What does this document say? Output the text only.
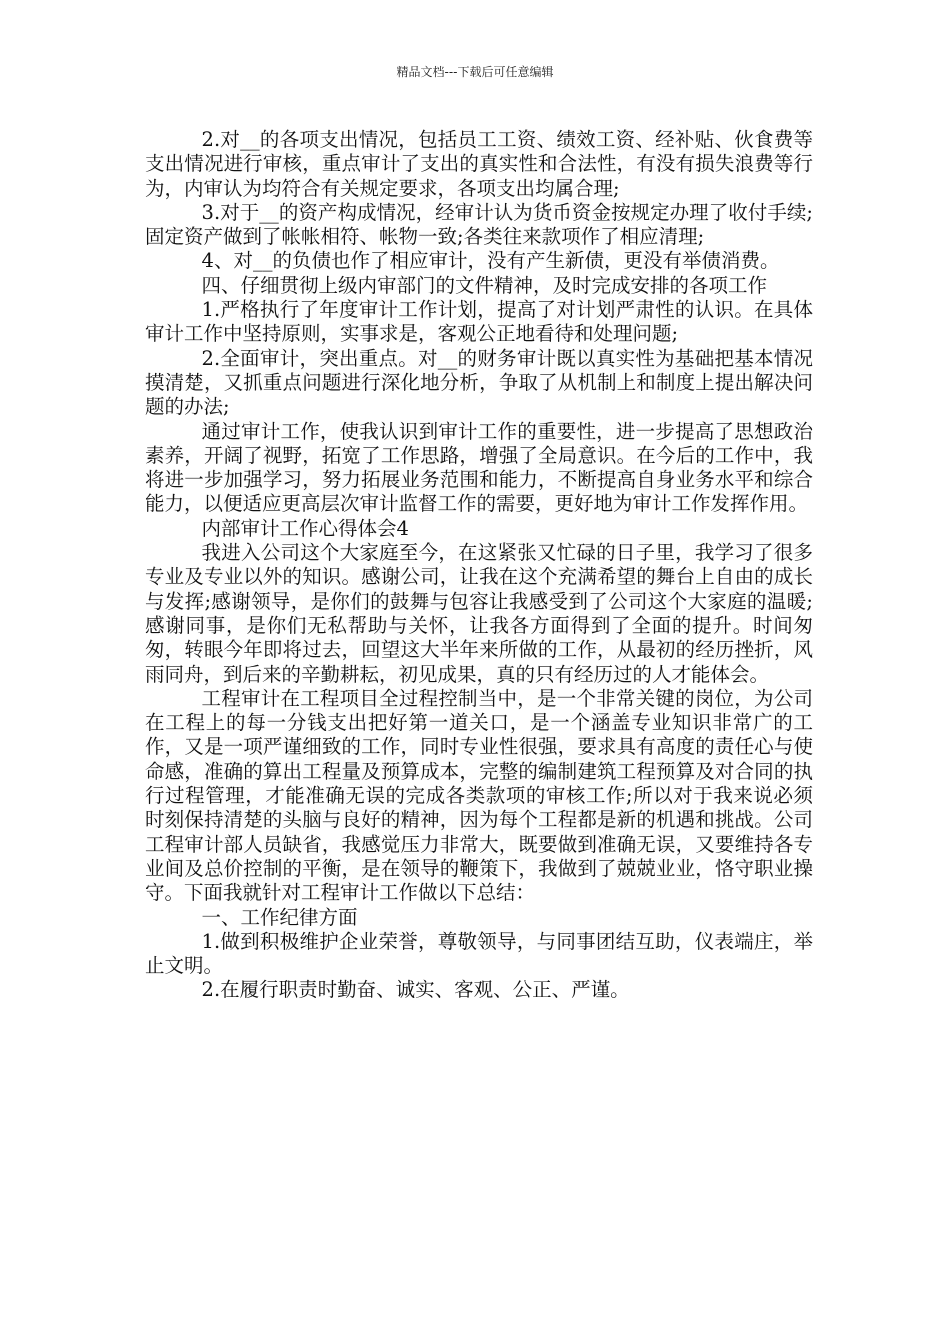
精品文档---下载后可任意编辑

2.对__的各项支出情况，包括员工工资、绩效工资、经补贴、伙食费等支出情况进行审核，重点审计了支出的真实性和合法性，有没有损失浪费等行为，内审认为均符合有关规定要求，各项支出均属合理;

3.对于__的资产构成情况，经审计认为货币资金按规定办理了收付手续;固定资产做到了帐帐相符、帐物一致;各类往来款项作了相应清理;

4、对__的负债也作了相应审计，没有产生新债，更没有举债消费。

四、仔细贯彻上级内审部门的文件精神，及时完成安排的各项工作

1.严格执行了年度审计工作计划，提高了对计划严肃性的认识。在具体审计工作中坚持原则，实事求是，客观公正地看待和处理问题;

2.全面审计，突出重点。对__的财务审计既以真实性为基础把基本情况摸清楚，又抓重点问题进行深化地分析，争取了从机制上和制度上提出解决问题的办法;

通过审计工作，使我认识到审计工作的重要性，进一步提高了思想政治素养，开阔了视野，拓宽了工作思路，增强了全局意识。在今后的工作中，我将进一步加强学习，努力拓展业务范围和能力，不断提高自身业务水平和综合能力，以便适应更高层次审计监督工作的需要，更好地为审计工作发挥作用。

内部审计工作心得体会4

我进入公司这个大家庭至今，在这紧张又忙碌的日子里，我学习了很多专业及专业以外的知识。感谢公司，让我在这个充满希望的舞台上自由的成长与发挥;感谢领导，是你们的鼓舞与包容让我感受到了公司这个大家庭的温暖;感谢同事，是你们无私帮助与关怀，让我各方面得到了全面的提升。时间匆匆，转眼今年即将过去，回望这大半年来所做的工作，从最初的经历挫折，风雨同舟，到后来的辛勤耕耘，初见成果，真的只有经历过的人才能体会。

工程审计在工程项目全过程控制当中，是一个非常关键的岗位，为公司在工程上的每一分钱支出把好第一道关口，是一个涵盖专业知识非常广的工作，又是一项严谨细致的工作，同时专业性很强，要求具有高度的责任心与使命感，准确的算出工程量及预算成本，完整的编制建筑工程预算及对合同的执行过程管理，才能准确无误的完成各类款项的审核工作;所以对于我来说必须时刻保持清楚的头脑与良好的精神，因为每个工程都是新的机遇和挑战。公司工程审计部人员缺省，我感觉压力非常大，既要做到准确无误，又要维持各专业间及总价控制的平衡，是在领导的鞭策下，我做到了兢兢业业，恪守职业操守。下面我就针对工程审计工作做以下总结：

一、工作纪律方面

1.做到积极维护企业荣誉，尊敬领导，与同事团结互助，仪表端庄，举止文明。

2.在履行职责时勤奋、诚实、客观、公正、严谨。
